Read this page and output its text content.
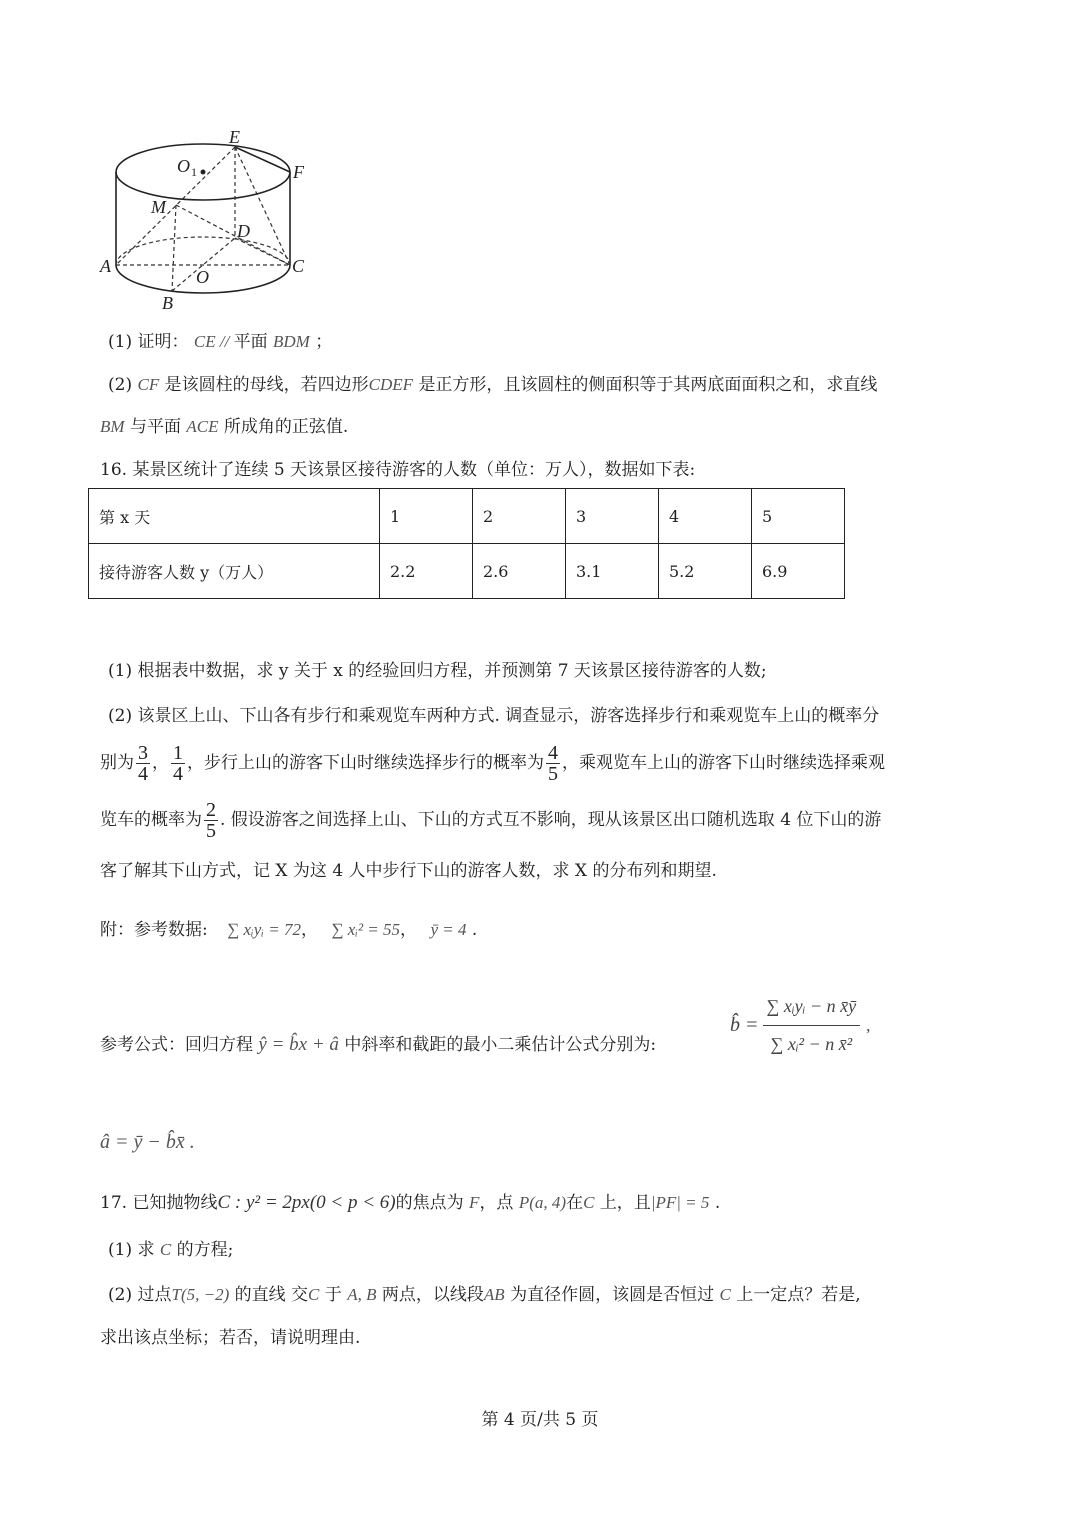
E
F
O 1
M
D
A	C
O
B
(1) 证明： CE // 平面 BDM ；
(2) CF 是该圆柱的母线，若四边形CDEF 是正方形，且该圆柱的侧面积等于其两底面面积之和，求直线
BM 与平面 ACE 所成角的正弦值.
16. 某景区统计了连续 5 天该景区接待游客的人数（单位：万人），数据如下表:
第 x 天	1	2	3	4	5
接待游客人数 y（万人）	2.2	2.6	3.1	5.2	6.9
(1) 根据表中数据，求 y 关于 x 的经验回归方程，并预测第 7 天该景区接待游客的人数;
(2) 该景区上山、下山各有步行和乘观览车两种方式. 调查显示，游客选择步行和乘观览车上山的概率分
别为 $\frac{3}{4}$ ， $\frac{1}{4}$ ，步行上山的游客下山时继续选择步行的概率为 $\frac{4}{5}$ ，乘观览车上山的游客下山时继续选择乘观
览车的概率为 $\frac{2}{5}$ . 假设游客之间选择上山、下山的方式互不影响，现从该景区出口随机选取 4 位下山的游
客了解其下山方式，记 X 为这 4 人中步行下山的游客人数，求 X 的分布列和期望.
附：参考数据: ∑ xᵢyᵢ = 72， ∑ xᵢ² = 55， ȳ = 4 .
参考公式：回归方程 ŷ = b̂x + â 中斜率和截距的最小二乘估计公式分别为:
b̂ =
∑ xᵢyᵢ − n x̄ȳ
∑ xᵢ² − n x̄²
,
â = ȳ − b̂x̄ .
17. 已知抛物线C : y² = 2px(0 < p < 6)的焦点为 F，点 P(a, 4)在C 上，且|PF| = 5 .
(1) 求 C 的方程;
(2) 过点T(5, −2) 的直线 交C 于 A, B 两点，以线段AB 为直径作圆，该圆是否恒过 C 上一定点？若是,
求出该点坐标；若否，请说明理由.
第 4 页/共 5 页
